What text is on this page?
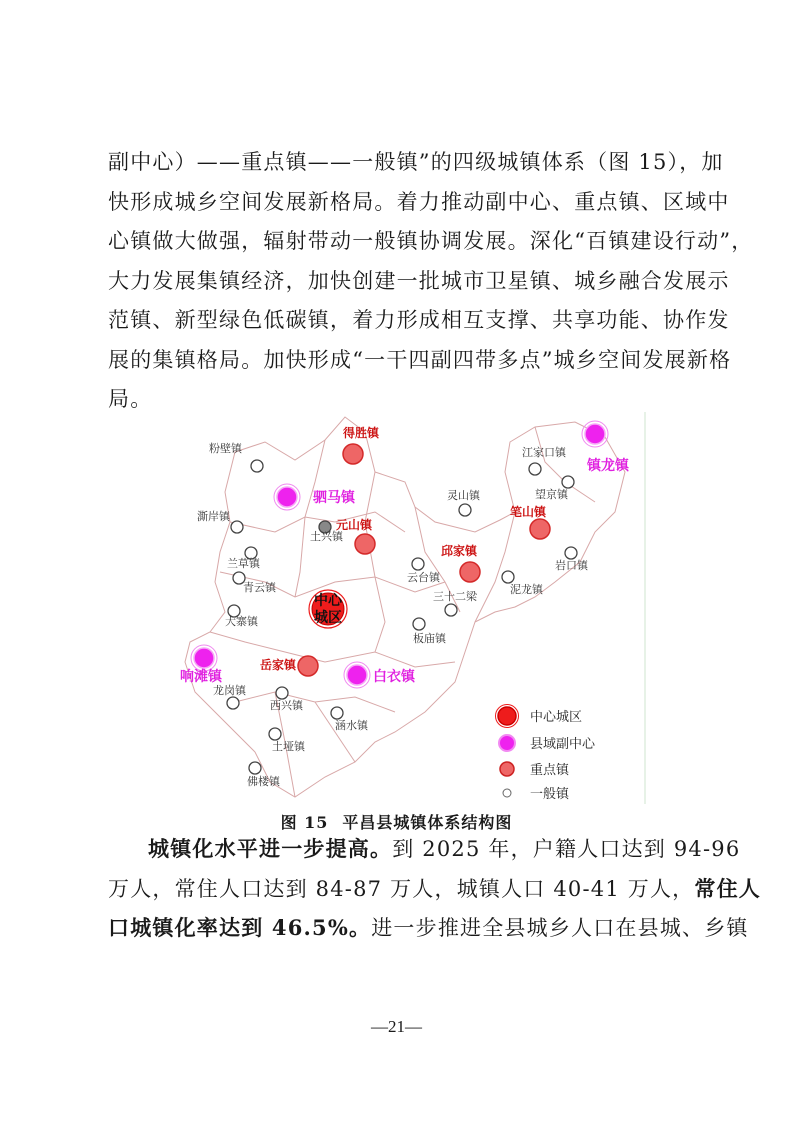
副中心）——重点镇——一般镇”的四级城镇体系（图 15），加
快形成城乡空间发展新格局。着力推动副中心、重点镇、区域中
心镇做大做强，辐射带动一般镇协调发展。深化“百镇建设行动”，
大力发展集镇经济，加快创建一批城市卫星镇、城乡融合发展示
范镇、新型绿色低碳镇，着力形成相互支撑、共享功能、协作发
展的集镇格局。加快形成“一干四副四带多点”城乡空间发展新格
局。
粉壁镇
灵山镇
江家口镇
望京镇
澌岸镇
兰草镇
土兴镇
云台镇
岩口镇
泥龙镇
青云镇
三十二梁
大寨镇
板庙镇
龙岗镇
西兴镇
涵水镇
土垭镇
佛楼镇
得胜镇
元山镇
笔山镇
邱家镇
岳家镇
驷马镇
镇龙镇
响滩镇	白衣镇
中心
城区
中心城区
县域副中心
重点镇
一般镇
图 15 平昌县城镇体系结构图
城镇化水平进一步提高。到 2025 年，户籍人口达到 94-96
万人，常住人口达到 84-87 万人，城镇人口 40-41 万人，常住人
口城镇化率达到 46.5%。进一步推进全县城乡人口在县城、乡镇
—21—
